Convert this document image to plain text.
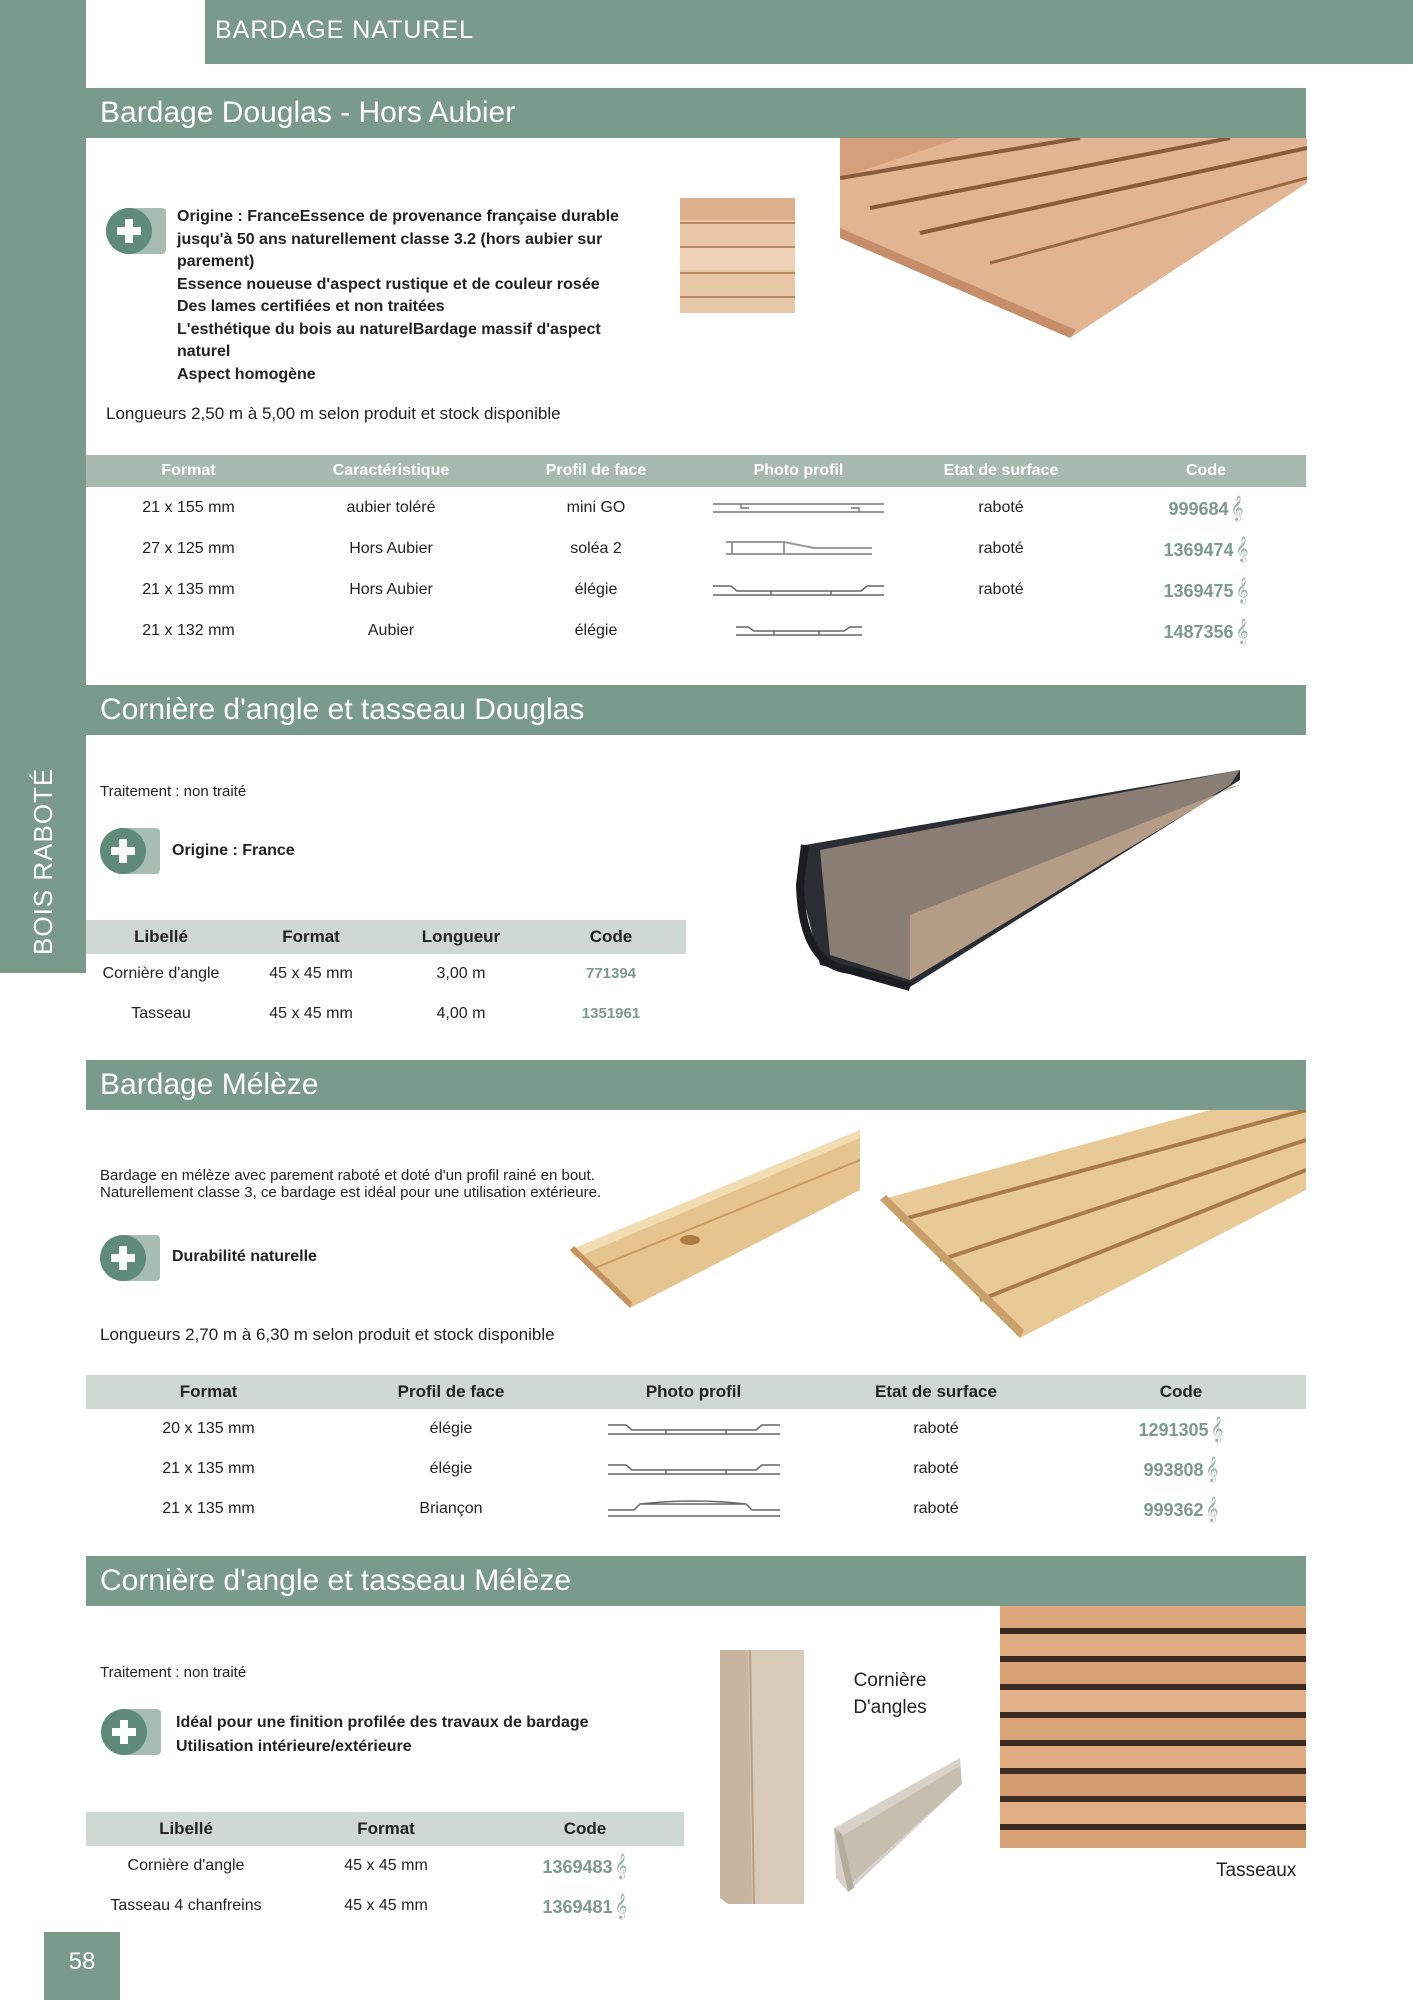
BOIS RABOTÉ
BARDAGE NATUREL
Bardage Douglas - Hors Aubier
Origine : FranceEssence de provenance française durable
jusqu'à 50 ans naturellement classe 3.2 (hors aubier sur
parement)
Essence noueuse d'aspect rustique et de couleur rosée
Des lames certifiées et non traitées
L'esthétique du bois au naturelBardage massif d'aspect
naturel
Aspect homogène
Longueurs 2,50 m à 5,00 m selon produit et stock disponible
Format	Caractéristique	Profil de face	Photo profil	Etat de surface	Code
21 x 155 mm	aubier toléré	mini GO		raboté	999684𝄞
27 x 125 mm	Hors Aubier	soléa 2		raboté	1369474𝄞
21 x 135 mm	Hors Aubier	élégie		raboté	1369475𝄞
21 x 132 mm	Aubier	élégie			1487356𝄞
Cornière d'angle et tasseau Douglas
Traitement : non traité
Origine : France
Libellé	Format	Longueur	Code
Cornière d'angle	45 x 45 mm	3,00 m	771394
Tasseau	45 x 45 mm	4,00 m	1351961
Bardage Mélèze
Bardage en mélèze avec parement raboté et doté d'un profil rainé en bout.
Naturellement classe 3, ce bardage est idéal pour une utilisation extérieure.
Durabilité naturelle
Longueurs 2,70 m à 6,30 m selon produit et stock disponible
Format	Profil de face	Photo profil	Etat de surface	Code
20 x 135 mm	élégie		raboté	1291305𝄞
21 x 135 mm	élégie		raboté	993808𝄞
21 x 135 mm	Briançon		raboté	999362𝄞
Cornière d'angle et tasseau Mélèze
Traitement : non traité
Idéal pour une finition profilée des travaux de bardage
Utilisation intérieure/extérieure
Cornière
D'angles
Tasseaux
Libellé	Format	Code
Cornière d'angle	45 x 45 mm	1369483𝄞
Tasseau 4 chanfreins	45 x 45 mm	1369481𝄞
58
